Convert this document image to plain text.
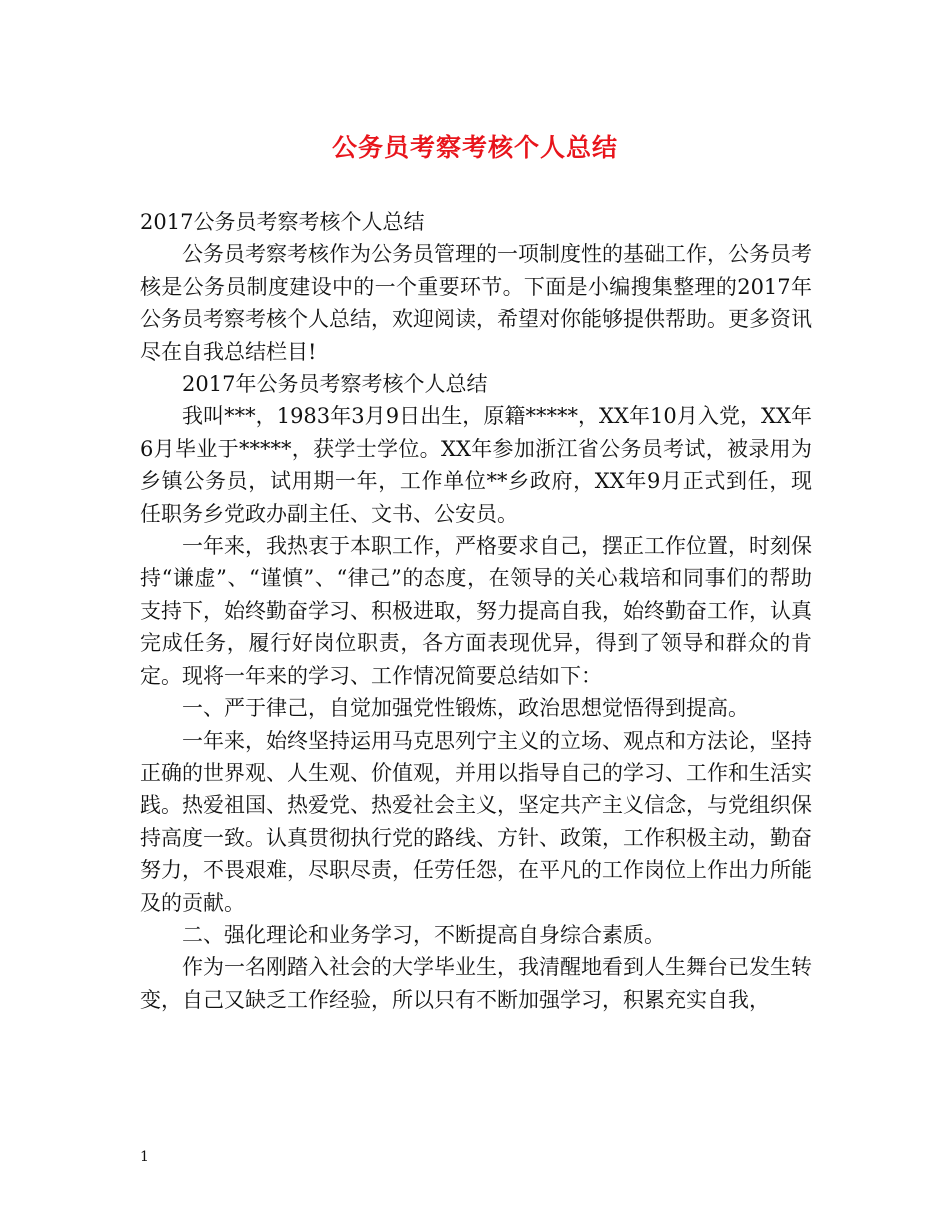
公务员考察考核个人总结

2017公务员考察考核个人总结

公务员考察考核作为公务员管理的一项制度性的基础工作，公务员考核是公务员制度建设中的一个重要环节。下面是小编搜集整理的2017年公务员考察考核个人总结，欢迎阅读，希望对你能够提供帮助。更多资讯尽在自我总结栏目!

2017年公务员考察考核个人总结

我叫***，1983年3月9日出生，原籍*****，XX年10月入党，XX年6月毕业于*****，获学士学位。XX年参加浙江省公务员考试，被录用为乡镇公务员，试用期一年，工作单位**乡政府，XX年9月正式到任，现任职务乡党政办副主任、文书、公安员。

一年来，我热衷于本职工作，严格要求自己，摆正工作位置，时刻保持“谦虚”、“谨慎”、“律己”的态度，在领导的关心栽培和同事们的帮助支持下，始终勤奋学习、积极进取，努力提高自我，始终勤奋工作，认真完成任务，履行好岗位职责，各方面表现优异，得到了领导和群众的肯定。现将一年来的学习、工作情况简要总结如下：

一、严于律己，自觉加强党性锻炼，政治思想觉悟得到提高。

一年来，始终坚持运用马克思列宁主义的立场、观点和方法论，坚持正确的世界观、人生观、价值观，并用以指导自己的学习、工作和生活实践。热爱祖国、热爱党、热爱社会主义，坚定共产主义信念，与党组织保持高度一致。认真贯彻执行党的路线、方针、政策，工作积极主动，勤奋努力，不畏艰难，尽职尽责，任劳任怨，在平凡的工作岗位上作出力所能及的贡献。

二、强化理论和业务学习，不断提高自身综合素质。

作为一名刚踏入社会的大学毕业生，我清醒地看到人生舞台已发生转变，自己又缺乏工作经验，所以只有不断加强学习，积累充实自我，

1
